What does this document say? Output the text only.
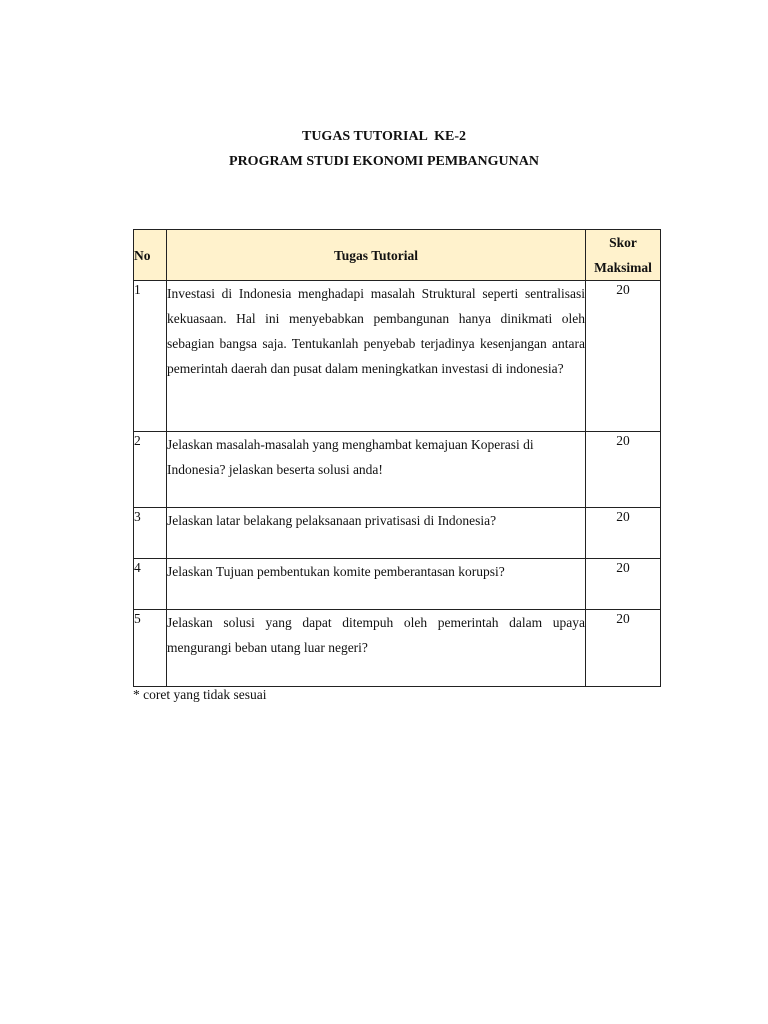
TUGAS TUTORIAL  KE-2
PROGRAM STUDI EKONOMI PEMBANGUNAN
No	Tugas Tutorial	Skor
Maksimal

1	Investasi di Indonesia menghadapi masalah Struktural seperti sentralisasi kekuasaan. Hal ini menyebabkan pembangunan hanya dinikmati oleh sebagian bangsa saja. Tentukanlah penyebab terjadinya kesenjangan antara pemerintah daerah dan pusat dalam meningkatkan investasi di indonesia?	20
2	Jelaskan masalah-masalah yang menghambat kemajuan Koperasi di Indonesia? jelaskan beserta solusi anda!	20
3	Jelaskan latar belakang pelaksanaan privatisasi di Indonesia?	20
4	Jelaskan Tujuan pembentukan komite pemberantasan korupsi?	20
5	Jelaskan solusi yang dapat ditempuh oleh pemerintah dalam upaya mengurangi beban utang luar negeri?	20
* coret yang tidak sesuai
